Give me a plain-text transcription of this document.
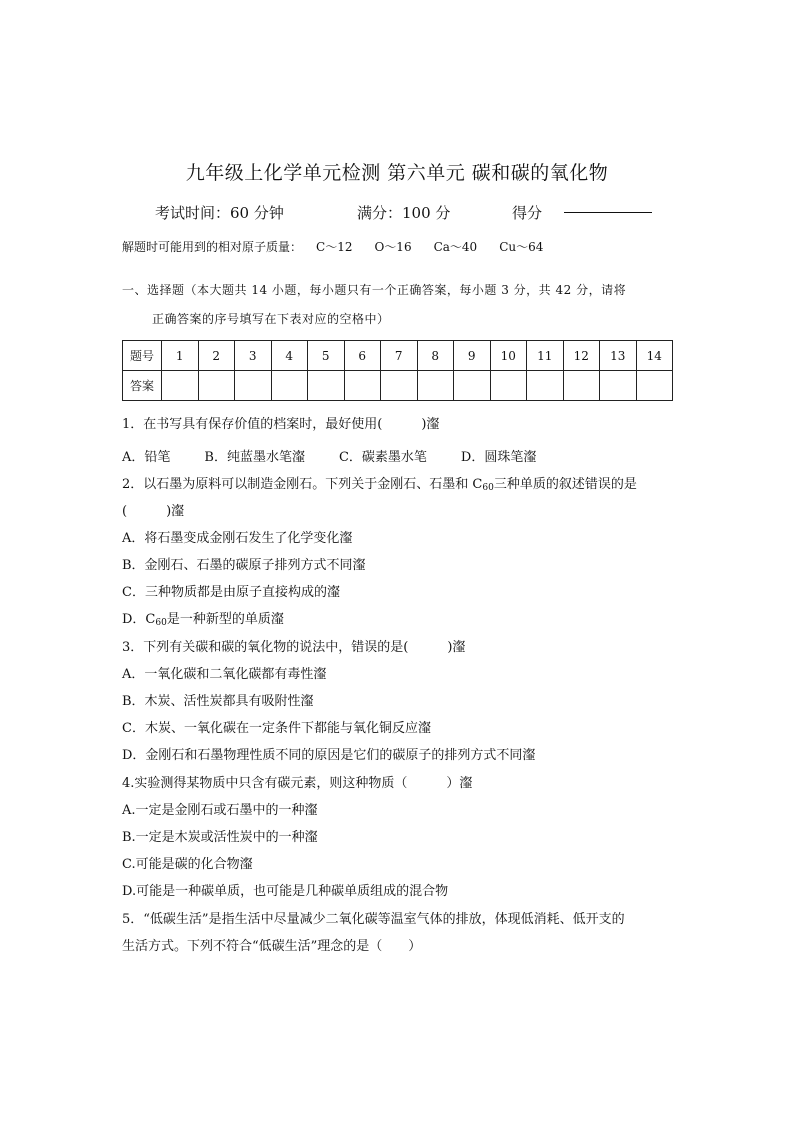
九年级上化学单元检测 第六单元 碳和碳的氧化物
考试时间：60 分钟	满分：100 分	得分
解题时可能用到的相对原子质量： C～12 O～16 Ca～40 Cu～64
一、选择题（本大题共 14 小题，每小题只有一个正确答案，每小题 3 分，共 42 分，请将
正确答案的序号填写在下表对应的空格中）
题号	1	2	3	4	5	6	7	8	9	10	11	12	13	14
答案														
1．在书写具有保存价值的档案时，最好使用(　　　)瀣
A．铅笔	B．纯蓝墨水笔瀣	C．碳素墨水笔	D．圆珠笔瀣
2．以石墨为原料可以制造金刚石。下列关于金刚石、石墨和 $C_{60}$三种单质的叙述错误的是
(　　　)瀣
A．将石墨变成金刚石发生了化学变化瀣
B．金刚石、石墨的碳原子排列方式不同瀣
C．三种物质都是由原子直接构成的瀣
D．$C_{60}$是一种新型的单质瀣
3．下列有关碳和碳的氧化物的说法中，错误的是(　　　)瀣
A．一氧化碳和二氧化碳都有毒性瀣
B．木炭、活性炭都具有吸附性瀣
C．木炭、一氧化碳在一定条件下都能与氧化铜反应瀣
D．金刚石和石墨物理性质不同的原因是它们的碳原子的排列方式不同瀣
4.实验测得某物质中只含有碳元素，则这种物质（　　　）瀣
A.一定是金刚石或石墨中的一种瀣
B.一定是木炭或活性炭中的一种瀣
C.可能是碳的化合物瀣
D.可能是一种碳单质，也可能是几种碳单质组成的混合物
5．“低碳生活”是指生活中尽量减少二氧化碳等温室气体的排放，体现低消耗、低开支的
生活方式。下列不符合“低碳生活”理念的是（　　）
